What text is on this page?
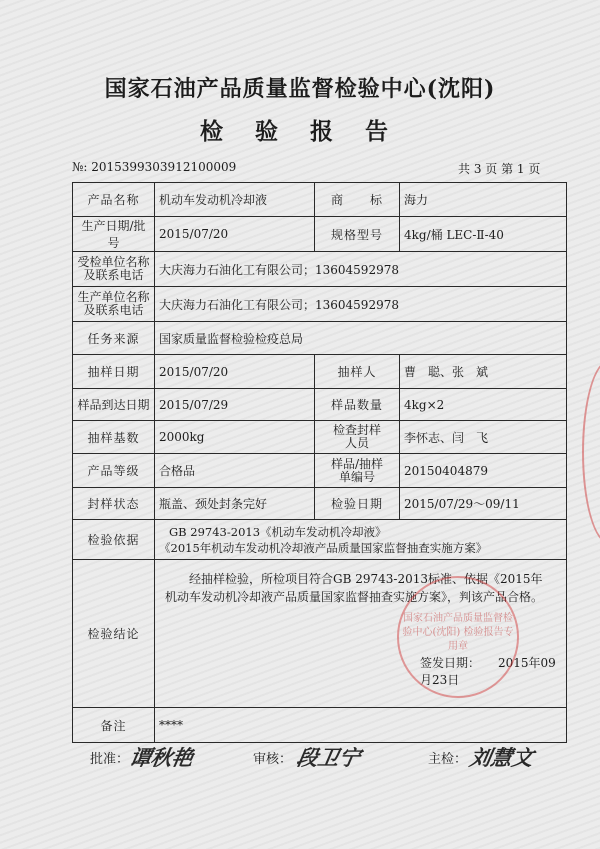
国家石油产品质量监督检验中心(沈阳)
检 验 报 告
№: 2015399303912100009	共 3 页 第 1 页
产品名称	机动车发动机冷却液	商　　标	海力
生产日期/批号	2015/07/20	规格型号	4kg/桶 LEC-Ⅱ-40
受检单位名称及联系电话	大庆海力石油化工有限公司；13604592978		
生产单位名称及联系电话	大庆海力石油化工有限公司；13604592978		
任务来源	国家质量监督检验检疫总局		
抽样日期	2015/07/20	抽样人	曹　聪、张　斌
样品到达日期	2015/07/29	样品数量	4kg×2
抽样基数	2000kg	检查封样人员	李怀志、闫　飞
产品等级	合格品	样品/抽样单编号	20150404879
封样状态	瓶盖、颈处封条完好	检验日期	2015/07/29～09/11
检验依据	GB 29743-2013《机动车发动机冷却液》
《2015年机动车发动机冷却液产品质量国家监督抽查实施方案》		

检验结论	经抽样检验，所检项目符合GB 29743-2013标准、依据《2015年机动车发动机冷却液产品质量国家监督抽查实施方案》，判该产品合格。
签发日期：　　2015年09月23日		

备注	****		
国家石油产品质量监督检验中心(沈阳) 检验报告专用章
批准：
谭秋艳	审核： 段卫宁	主检： 刘慧文
